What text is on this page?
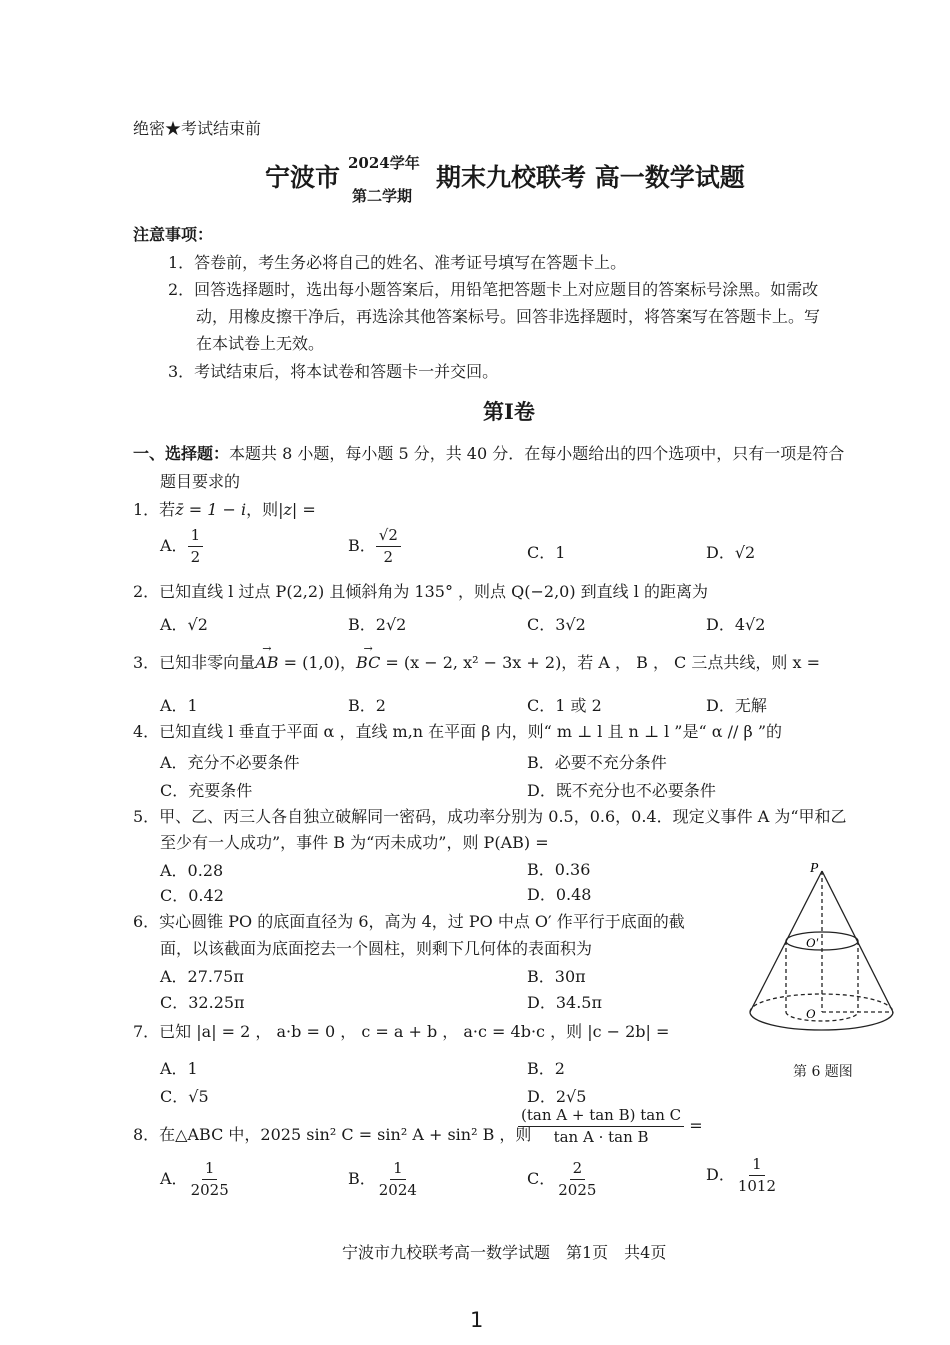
绝密★考试结束前
宁波市 2024学年
第二学期
期末九校联考 高一数学试题
注意事项：
1．答卷前，考生务必将自己的姓名、准考证号填写在答题卡上。
2．回答选择题时，选出每小题答案后，用铅笔把答题卡上对应题目的答案标号涂黑。如需改
动，用橡皮擦干净后，再选涂其他答案标号。回答非选择题时，将答案写在答题卡上。写
在本试卷上无效。
3．考试结束后，将本试卷和答题卡一并交回。
第Ⅰ卷
一、选择题：本题共 8 小题，每小题 5 分，共 40 分．在每小题给出的四个选项中，只有一项是符合
题目要求的
1．若z̄ = 1 − i，则|z| =
A． $\frac{1}{2}$	B． $\frac{√2}{2}$	C．1	D．√2
2．已知直线 l 过点 P(2,2) 且倾斜角为 135° ，则点 Q(−2,0) 到直线 l 的距离为
A．√2	B．2√2	C．3√2	D．4√2
3．已知非零向量→ AB = (1,0)，→ BC = (x − 2, x² − 3x + 2)，若 A ， B ， C 三点共线，则 x =
A．1	B．2	C．1 或 2	D．无解
4．已知直线 l 垂直于平面 α ，直线 m,n 在平面 β 内，则“ m ⊥ l 且 n ⊥ l ”是“ α // β ”的
A．充分不必要条件	B．必要不充分条件
C．充要条件	D．既不充分也不必要条件
5．甲、乙、丙三人各自独立破解同一密码，成功率分别为 0.5，0.6，0.4．现定义事件 A 为“甲和乙
至少有一人成功”，事件 B 为“丙未成功”，则 P(AB) =
A．0.28	B．0.36
C．0.42	D．0.48
6．实心圆锥 PO 的底面直径为 6，高为 4，过 PO 中点 O′ 作平行于底面的截
面，以该截面为底面挖去一个圆柱，则剩下几何体的表面积为
A．27.75π	B．30π
C．32.25π	D．34.5π
P
O′
O
第 6 题图
7．已知 |a| = 2 ， a·b = 0 ， c = a + b ， a·c = 4b·c ，则 |c − 2b| =
A．1	B．2
C．√5	D．2√5
8．在△ABC 中，2025 sin² C = sin² A + sin² B ，则
$\frac{\text{(tan A + tan B) tan C}}{\text{tan A · tan B}}$ =
A． $\frac{1}{2025}$	B． $\frac{1}{2024}$	C． $\frac{2}{2025}$	D． $\frac{1}{1012}$
宁波市九校联考高一数学试题　第1页　共4页
1
